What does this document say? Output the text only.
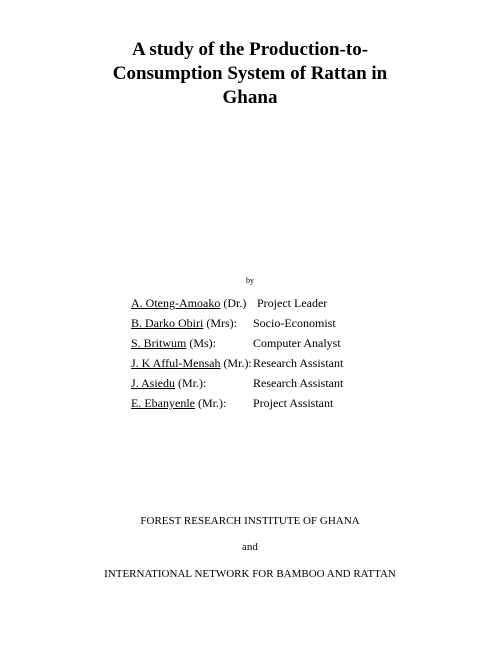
A study of the Production-to-
Consumption System of Rattan in
Ghana
by
A. Oteng-Amoako (Dr.) Project Leader
B. Darko Obiri (Mrs): Socio-Economist
S. Britwum (Ms):	Computer Analyst
J. K Afful-Mensah (Mr.): Research Assistant
J. Asiedu (Mr.):	Research Assistant
E. Ebanyenle (Mr.): Project Assistant
FOREST RESEARCH INSTITUTE OF GHANA
and
INTERNATIONAL NETWORK FOR BAMBOO AND RATTAN
